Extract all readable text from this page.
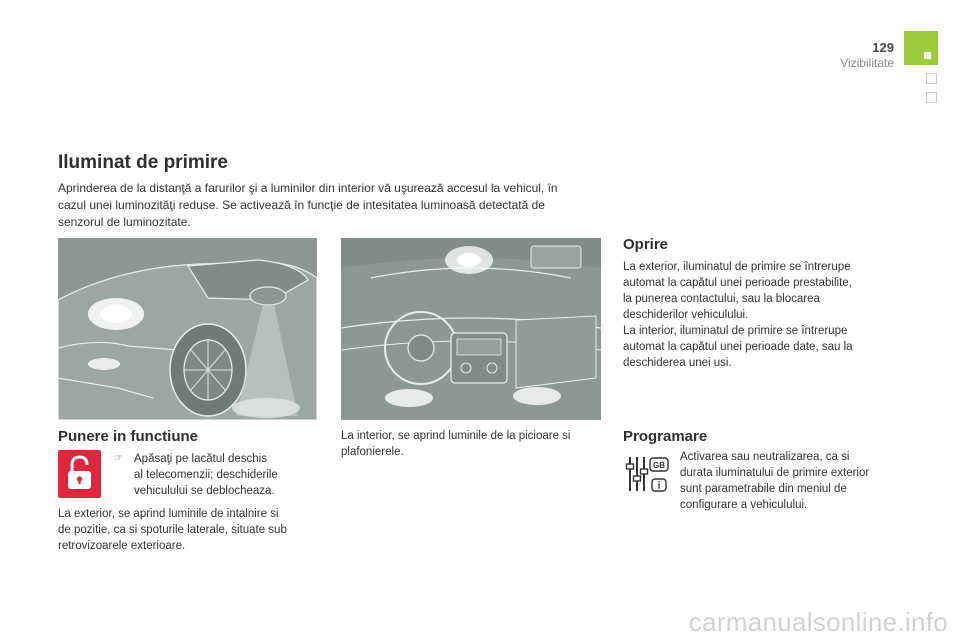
129
Vizibilitate
Iluminat de primire

Aprinderea de la distanţă a farurilor şi a luminilor din interior vă uşurează accesul la vehicul, în cazul unei luminozităţi reduse. Se activează în funcţie de intesitatea luminoasă detectată de senzorul de luminozitate.

Punere in functiune
☞ Apăsaţi pe lacătul deschis
al telecomenzii; deschiderile
vehiculului se deblocheaza.
La exterior, se aprind luminile de intalnire si
de pozitie, ca si spoturile laterale, situate sub
retrovizoarele exterioare.
La interior, se aprind luminile de la picioare si
plafonierele.
Oprire
La exterior, iluminatul de primire se întrerupe
automat la capătul unei perioade prestabilite,
la punerea contactului, sau la blocarea
deschiderilor vehiculului.
La interior, iluminatul de primire se întrerupe
automat la capătul unei perioade date, sau la
deschiderea unei usi.
Programare
GB
i
Activarea sau neutralizarea, ca si
durata iluminatului de primire exterior
sunt parametrabile din meniul de
configurare a vehiculului.
carmanualsonline.info
